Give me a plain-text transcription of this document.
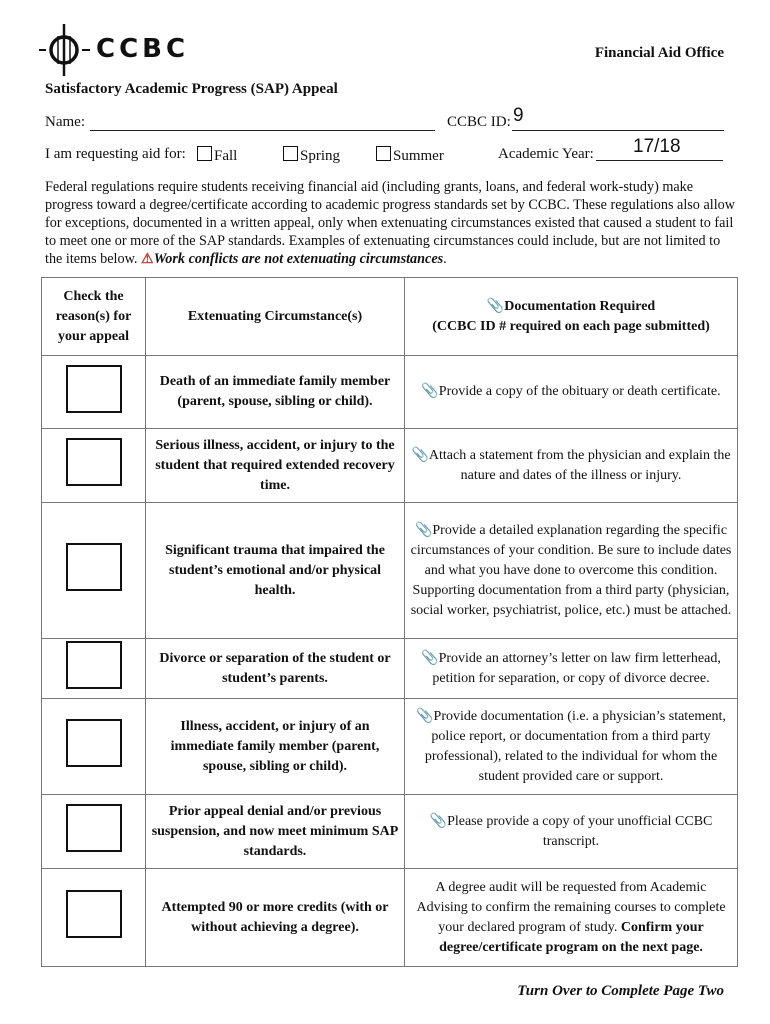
CCBC	Financial Aid Office
Satisfactory Academic Progress (SAP) Appeal
Name:	CCBC ID: 9
I am requesting aid for:	Fall	Spring	Summer	Academic Year: 17/18
Federal regulations require students receiving financial aid (including grants, loans, and federal work-study) make progress toward a degree/certificate according to academic progress standards set by CCBC. These regulations also allow for exceptions, documented in a written appeal, only when extenuating circumstances existed that caused a student to fail to meet one or more of the SAP standards. Examples of extenuating circumstances could include, but are not limited to the items below. ⚠Work conflicts are not extenuating circumstances.
Check the reason(s) for your appeal	Extenuating Circumstance(s)	📎Documentation Required
(CCBC ID # required on each page submitted)

	Death of an immediate family member (parent, spouse, sibling or child).	📎Provide a copy of the obituary or death certificate.
	Serious illness, accident, or injury to the student that required extended recovery time.	📎Attach a statement from the physician and explain the nature and dates of the illness or injury.
	Significant trauma that impaired the student’s emotional and/or physical health.	📎Provide a detailed explanation regarding the specific circumstances of your condition. Be sure to include dates and what you have done to overcome this condition. Supporting documentation from a third party (physician, social worker, psychiatrist, police, etc.) must be attached.
	Divorce or separation of the student or student’s parents.	📎Provide an attorney’s letter on law firm letterhead, petition for separation, or copy of divorce decree.
	Illness, accident, or injury of an immediate family member (parent, spouse, sibling or child).	📎Provide documentation (i.e. a physician’s statement, police report, or documentation from a third party professional), related to the individual for whom the student provided care or support.
	Prior appeal denial and/or previous suspension, and now meet minimum SAP standards.	📎Please provide a copy of your unofficial CCBC transcript.
	Attempted 90 or more credits (with or without achieving a degree).	A degree audit will be requested from Academic Advising to confirm the remaining courses to complete your declared program of study. Confirm your degree/certificate program on the next page.
Turn Over to Complete Page Two
